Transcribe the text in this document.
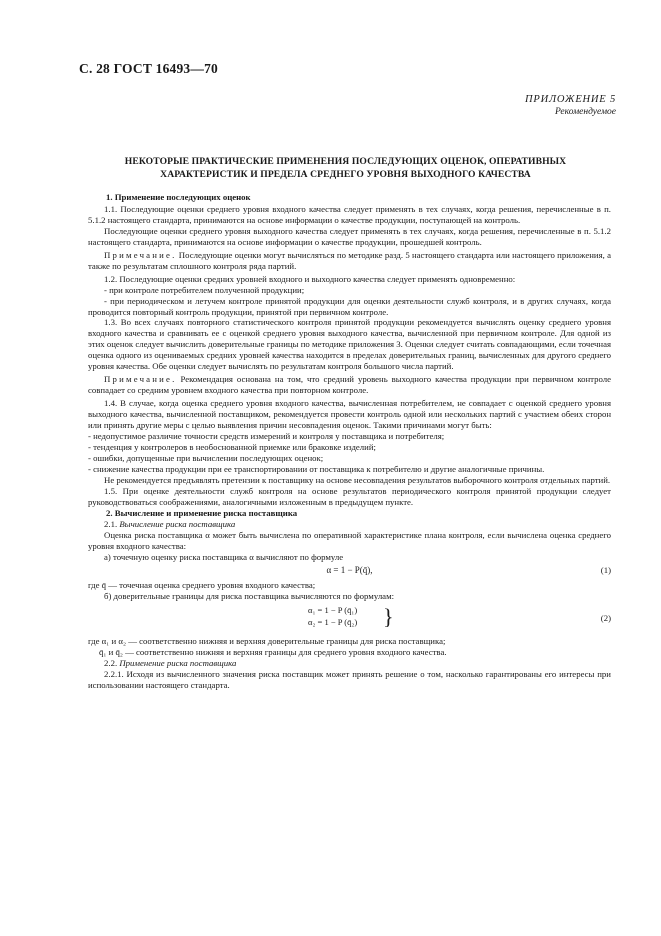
С. 28 ГОСТ 16493—70
ПРИЛОЖЕНИЕ 5
Рекомендуемое
НЕКОТОРЫЕ ПРАКТИЧЕСКИЕ ПРИМЕНЕНИЯ ПОСЛЕДУЮЩИХ ОЦЕНОК, ОПЕРАТИВНЫХ ХАРАКТЕРИСТИК И ПРЕДЕЛА СРЕДНЕГО УРОВНЯ ВЫХОДНОГО КАЧЕСТВА

1. Применение последующих оценок

1.1. Последующие оценки среднего уровня входного качества следует применять в тех случаях, когда решения, перечисленные в п. 5.1.2 настоящего стандарта, принимаются на основе информации о качестве продукции, поступающей на контроль.

Последующие оценки среднего уровня выходного качества следует применять в тех случаях, когда решения, перечисленные в п. 5.1.2 настоящего стандарта, принимаются на основе информации о качестве продукции, прошедшей контроль.

Примечание. Последующие оценки могут вычисляться по методике разд. 5 настоящего стандарта или настоящего приложения, а также по результатам сплошного контроля ряда партий.

1.2. Последующие оценки средних уровней входного и выходного качества следует применять одновременно:

- при контроле потребителем полученной продукции;

- при периодическом и летучем контроле принятой продукции для оценки деятельности служб контроля, и в других случаях, когда проводится повторный контроль продукции, принятой при первичном контроле.

1.3. Во всех случаях повторного статистического контроля принятой продукции рекомендуется вычислять оценку среднего уровня входного качества и сравнивать ее с оценкой среднего уровня выходного качества, вычисленной при первичном контроле. Для одной из этих оценок следует вычислить доверительные границы по методике приложения 3. Оценки следует считать совпадающими, если точечная оценка одного из оцениваемых средних уровней качества находится в пределах доверительных границ, вычисленных для другого среднего уровня качества. Обе оценки следует вычислять по результатам контроля большого числа партий.

Примечание. Рекомендация основана на том, что средний уровень выходного качества продукции при первичном контроле совпадает со средним уровнем входного качества при повторном контроле.

1.4. В случае, когда оценка среднего уровня входного качества, вычисленная потребителем, не совпадает с оценкой среднего уровня выходного качества, вычисленной поставщиком, рекомендуется провести контроль одной или нескольких партий с участием обеих сторон или принять другие меры с целью выявления причин несовпадения оценок. Такими причинами могут быть:

- недопустимое различие точности средств измерений и контроля у поставщика и потребителя;

- тенденция у контролеров в необоснованной приемке или браковке изделий;

- ошибки, допущенные при вычислении последующих оценок;

- снижение качества продукции при ее транспортировании от поставщика к потребителю и другие аналогичные причины.

Не рекомендуется предъявлять претензии к поставщику на основе несовпадения результатов выборочного контроля отдельных партий.

1.5. При оценке деятельности служб контроля на основе результатов периодического контроля принятой продукции следует руководствоваться соображениями, аналогичными изложенным в предыдущем пункте.

2. Вычисление и применение риска поставщика

2.1. Вычисление риска поставщика

Оценка риска поставщика α может быть вычислена по оперативной характеристике плана контроля, если вычислена оценка среднего уровня входного качества:

а) точечную оценку риска поставщика α вычисляют по формуле

α = 1 − P(q̄),	(1)

где q̄ — точечная оценка среднего уровня входного качества;

б) доверительные границы для риска поставщика вычисляются по формулам:

α₁ = 1 − P (q̄₁)
α₂ = 1 − P (q̄₂) }	(2)

где α₁ и α₂ — соответственно нижняя и верхняя доверительные границы для риска поставщика;

q̄₁ и q̄₂ — соответственно нижняя и верхняя границы для среднего уровня входного качества.

2.2. Применение риска поставщика

2.2.1. Исходя из вычисленного значения риска поставщик может принять решение о том, насколько гарантированы его интересы при использовании настоящего стандарта.
